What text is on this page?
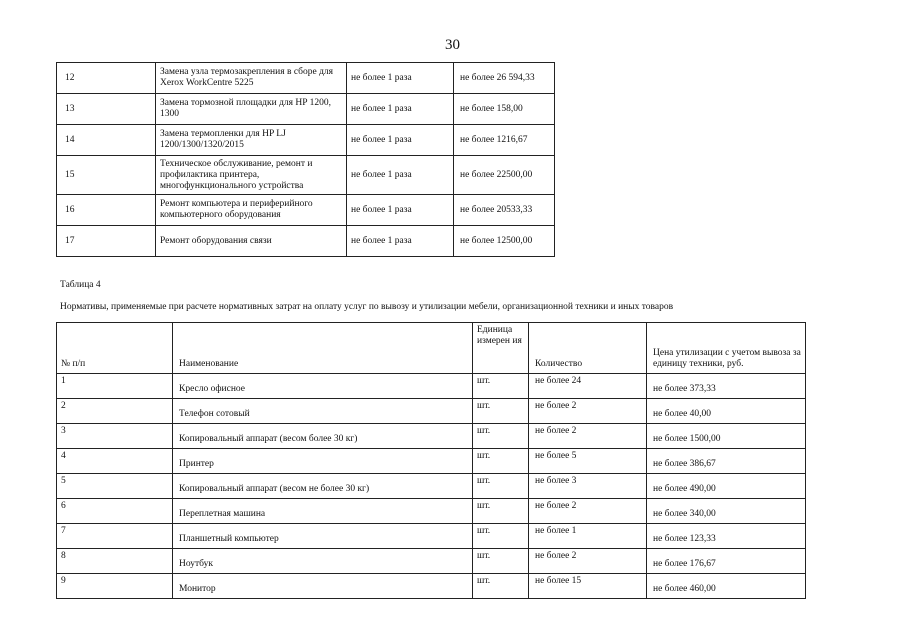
30
12	Замена узла термозакрепления в сборе для Xerox WorkCentre 5225	не более 1 раза	не более 26 594,33
13	Замена тормозной площадки для HP 1200, 1300	не более 1 раза	не более 158,00
14	Замена термопленки для HP LJ 1200/1300/1320/2015	не более 1 раза	не более 1216,67
15	Техническое обслуживание, ремонт и профилактика принтера, многофункционального устройства	не более 1 раза	не более 22500,00
16	Ремонт компьютера и периферийного компьютерного оборудования	не более 1 раза	не более 20533,33
17	Ремонт оборудования связи	не более 1 раза	не более 12500,00
Таблица 4
Нормативы, применяемые при расчете нормативных затрат на оплату услуг по вывозу и утилизации мебели, организационной техники и иных товаров
№ п/п	Наименование	Единица измерен ия	Количество	Цена утилизации с учетом вывоза за единицу техники, руб.
1	Кресло офисное	шт.	не более 24	не более 373,33
2	Телефон сотовый	шт.	не более 2	не более 40,00
3	Копировальный аппарат (весом более 30 кг)	шт.	не более 2	не более 1500,00
4	Принтер	шт.	не более 5	не более 386,67
5	Копировальный аппарат (весом не более 30 кг)	шт.	не более 3	не более 490,00
6	Переплетная машина	шт.	не более 2	не более 340,00
7	Планшетный компьютер	шт.	не более 1	не более 123,33
8	Ноутбук	шт.	не более 2	не более 176,67
9	Монитор	шт.	не более 15	не более 460,00
